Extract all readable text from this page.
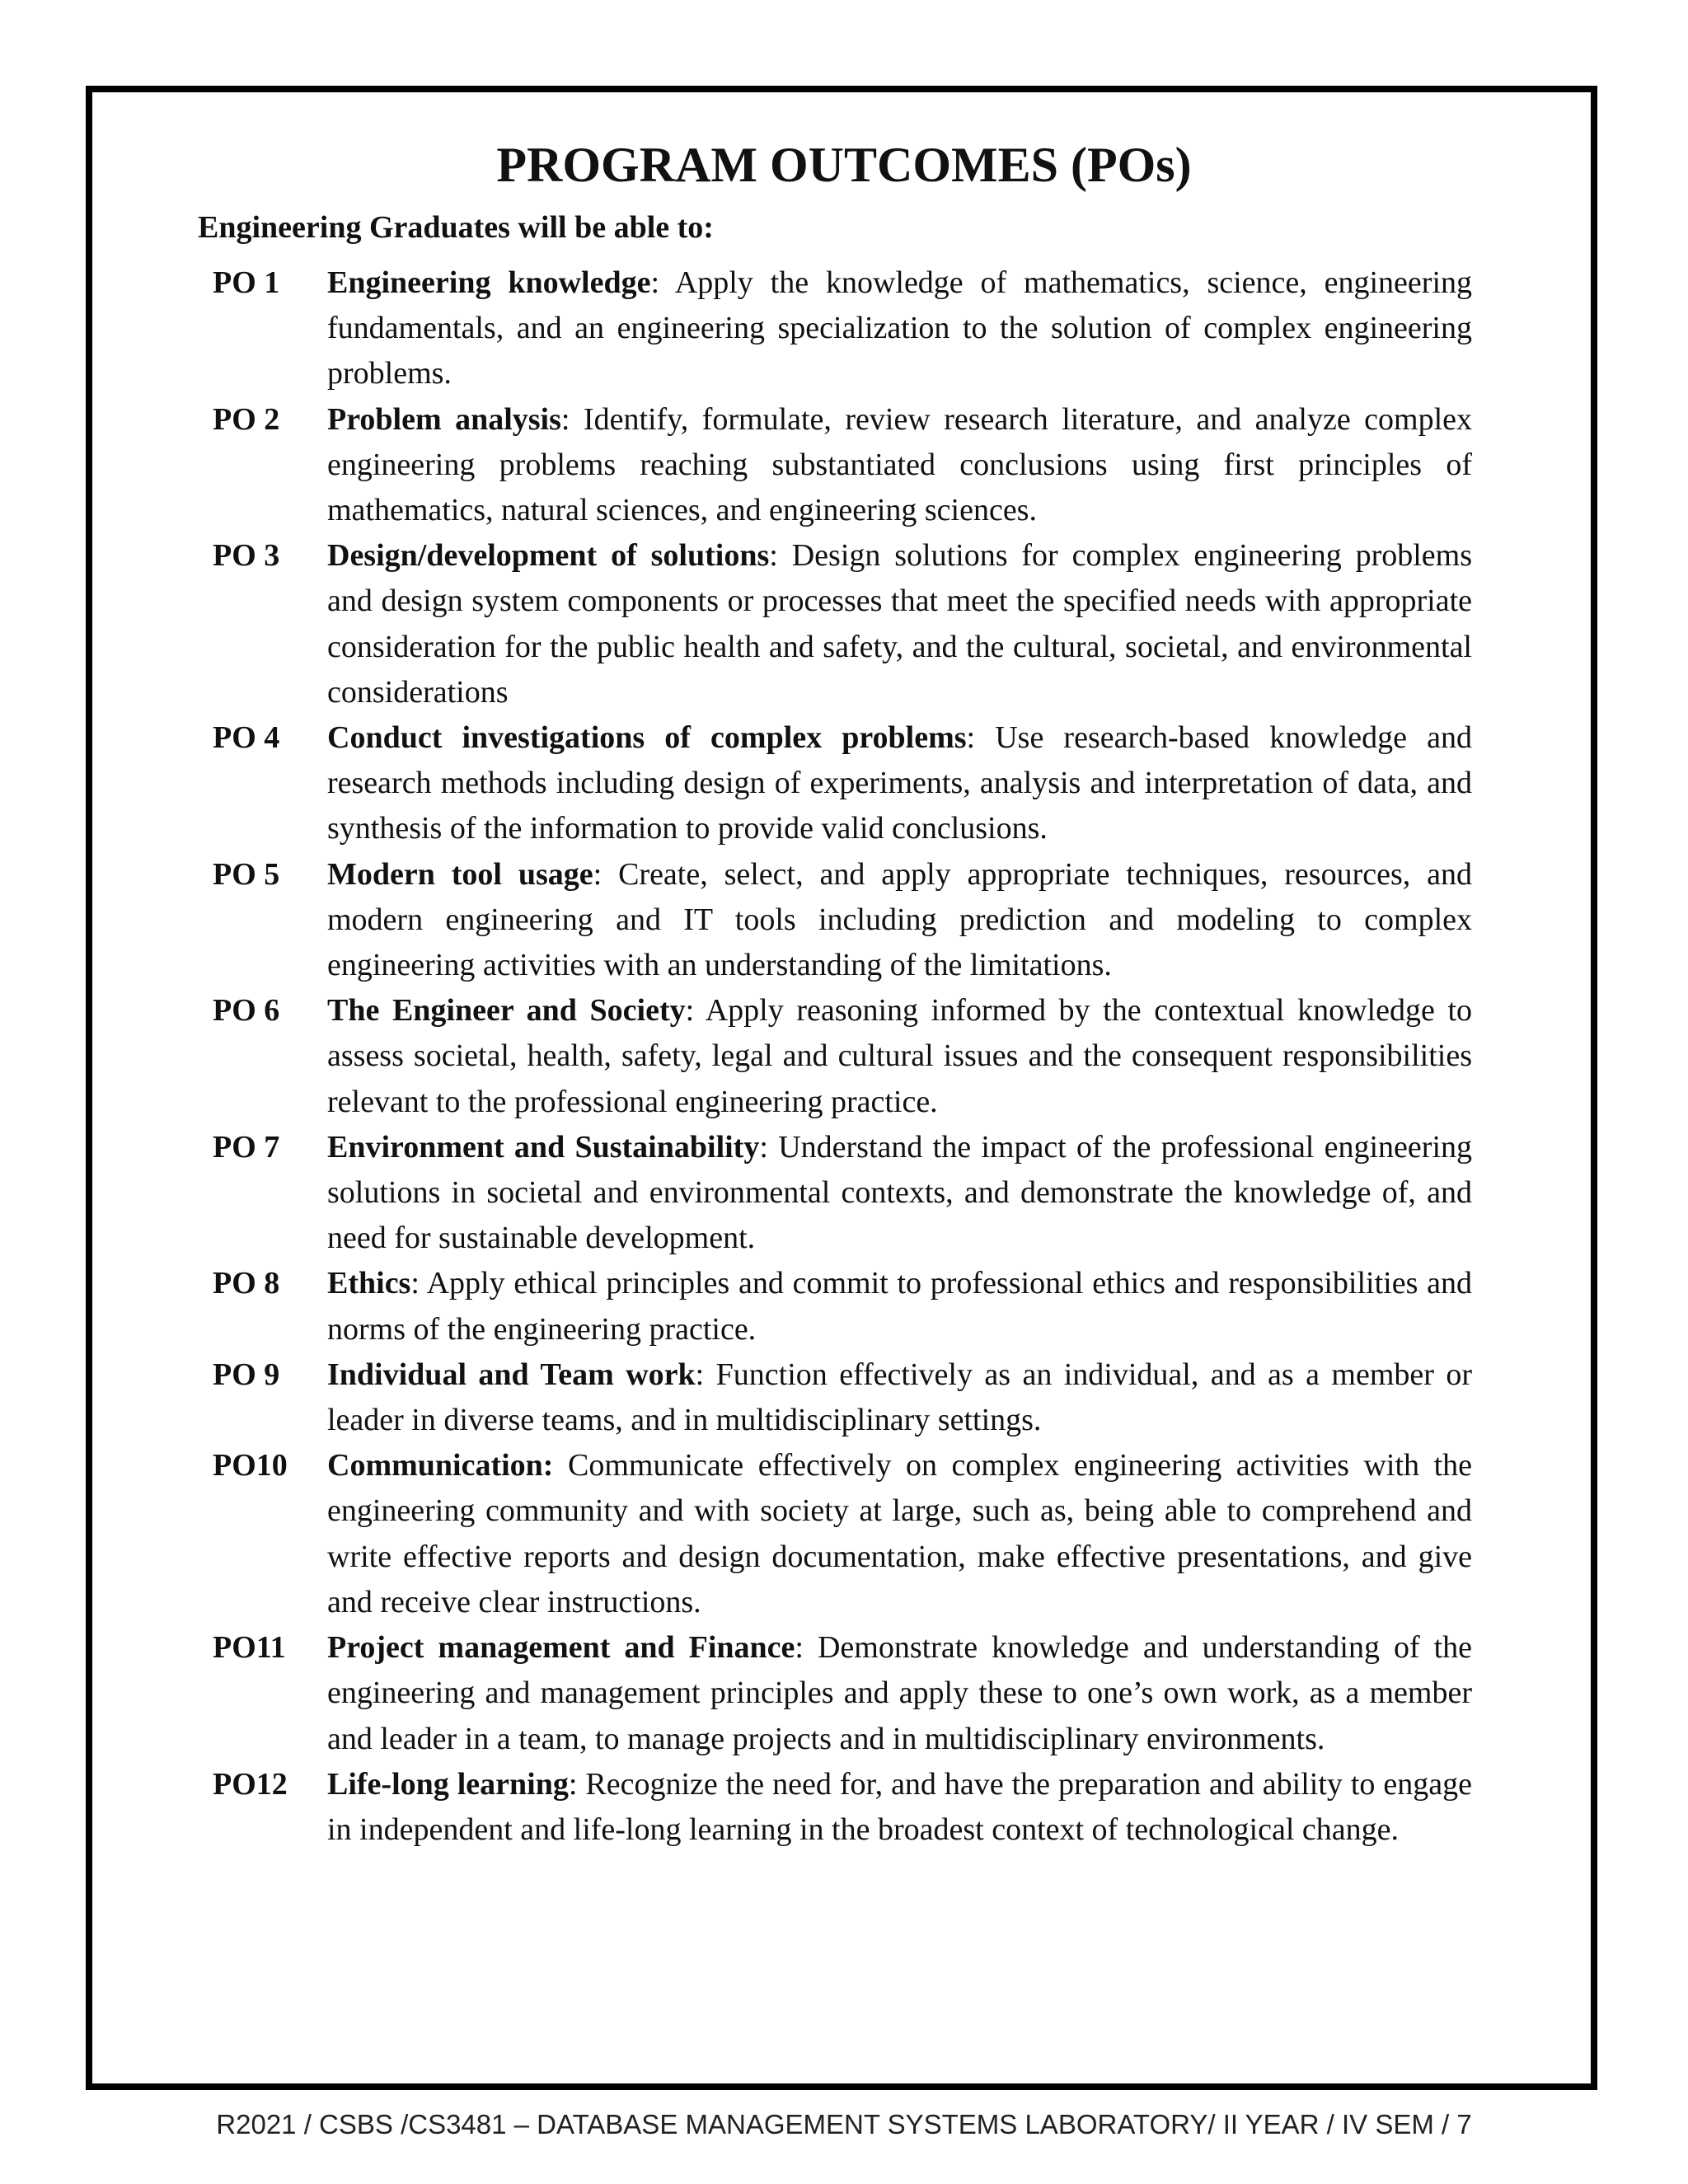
PROGRAM OUTCOMES (POs)

Engineering Graduates will be able to:

PO 1 Engineering knowledge: Apply the knowledge of mathematics, science, engineering fundamentals, and an engineering specialization to the solution of complex engineering problems.
PO 2 Problem analysis: Identify, formulate, review research literature, and analyze complex engineering problems reaching substantiated conclusions using first principles of mathematics, natural sciences, and engineering sciences.
PO 3 Design/development of solutions: Design solutions for complex engineering problems and design system components or processes that meet the specified needs with appropriate consideration for the public health and safety, and the cultural, societal, and environmental considerations
PO 4 Conduct investigations of complex problems: Use research-based knowledge and research methods including design of experiments, analysis and interpretation of data, and synthesis of the information to provide valid conclusions.
PO 5 Modern tool usage: Create, select, and apply appropriate techniques, resources, and modern engineering and IT tools including prediction and modeling to complex engineering activities with an understanding of the limitations.
PO 6 The Engineer and Society: Apply reasoning informed by the contextual knowledge to assess societal, health, safety, legal and cultural issues and the consequent responsibilities relevant to the professional engineering practice.
PO 7 Environment and Sustainability: Understand the impact of the professional engineering solutions in societal and environmental contexts, and demonstrate the knowledge of, and need for sustainable development.
PO 8 Ethics: Apply ethical principles and commit to professional ethics and responsibilities and norms of the engineering practice.
PO 9 Individual and Team work: Function effectively as an individual, and as a member or leader in diverse teams, and in multidisciplinary settings.
PO10 Communication: Communicate effectively on complex engineering activities with the engineering community and with society at large, such as, being able to comprehend and write effective reports and design documentation, make effective presentations, and give and receive clear instructions.
PO11 Project management and Finance: Demonstrate knowledge and understanding of the engineering and management principles and apply these to one’s own work, as a member and leader in a team, to manage projects and in multidisciplinary environments.
PO12 Life-long learning: Recognize the need for, and have the preparation and ability to engage in independent and life-long learning in the broadest context of technological change.

R2021 / CSBS /CS3481 – DATABASE MANAGEMENT SYSTEMS LABORATORY/ II YEAR / IV SEM / 7
